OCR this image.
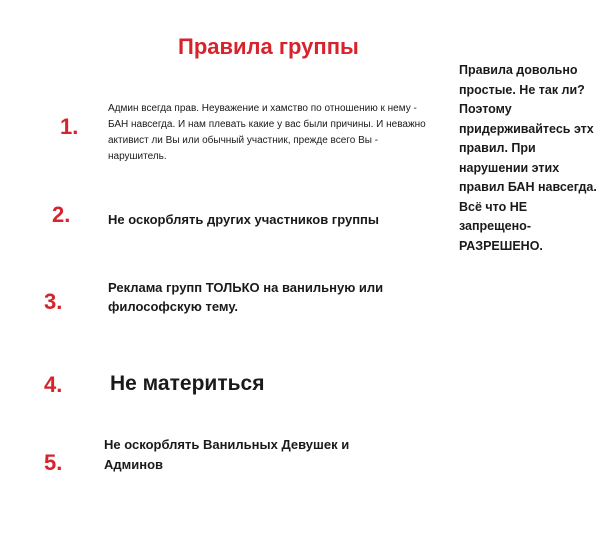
Правила группы
1.
Админ всегда прав. Неуважение и хамство по отношению к нему - БАН навсегда. И нам плевать какие у вас были причины. И неважно активист ли Вы или обычный участник, прежде всего Вы - нарушитель.
2.	Не оскорблять других участников группы
3.
Реклама групп ТОЛЬКО на ванильную или философскую тему.
4. Не материться
5.
Не оскорблять Ванильных Девушек и Админов
Правила довольно простые. Не так ли? Поэтому придерживайтесь этх правил. При нарушении этих правил БАН навсегда. Всё что НЕ запрещено-РАЗРЕШЕНО.
